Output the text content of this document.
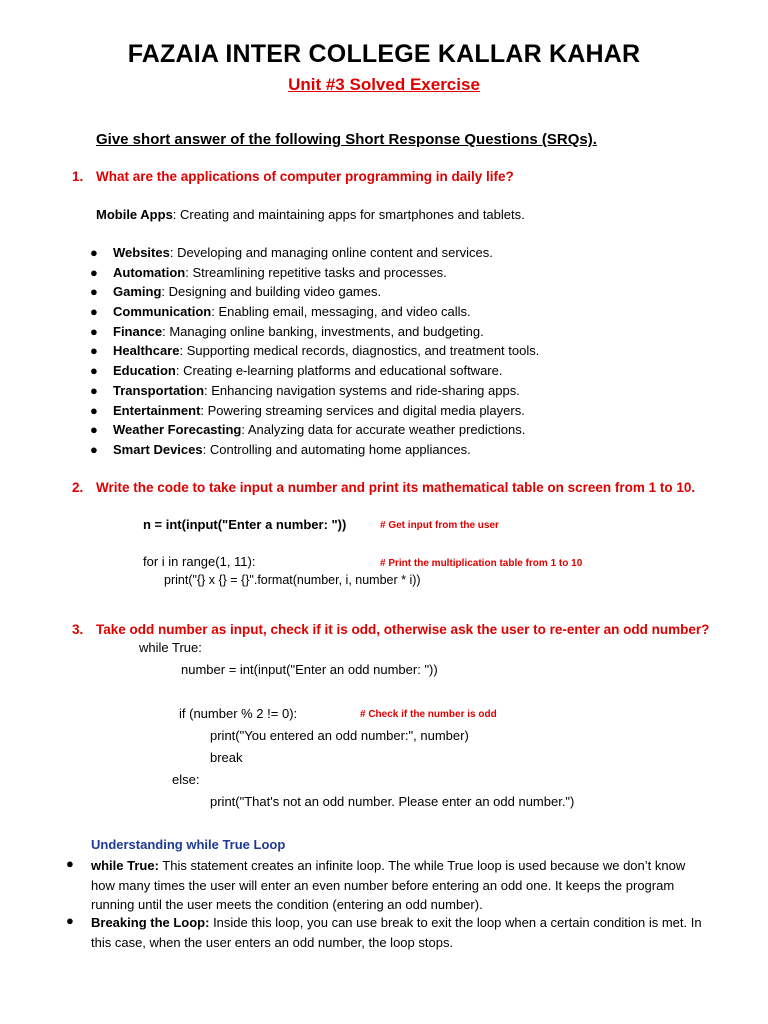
FAZAIA INTER COLLEGE KALLAR KAHAR
Unit #3 Solved Exercise
Give short answer of the following Short Response Questions (SRQs).
1. What are the applications of computer programming in daily life?
Mobile Apps: Creating and maintaining apps for smartphones and tablets.
● Websites: Developing and managing online content and services.
● Automation: Streamlining repetitive tasks and processes.
● Gaming: Designing and building video games.
● Communication: Enabling email, messaging, and video calls.
● Finance: Managing online banking, investments, and budgeting.
● Healthcare: Supporting medical records, diagnostics, and treatment tools.
● Education: Creating e-learning platforms and educational software.
● Transportation: Enhancing navigation systems and ride-sharing apps.
● Entertainment: Powering streaming services and digital media players.
● Weather Forecasting: Analyzing data for accurate weather predictions.
● Smart Devices: Controlling and automating home appliances.
2. Write the code to take input a number and print its mathematical table on screen from 1 to 10.
n = int(input("Enter a number: "))	# Get input from the user
for i in range(1, 11):	# Print the multiplication table from 1 to 10
print("{} x {} = {}".format(number, i, number * i))
3. Take odd number as input, check if it is odd, otherwise ask the user to re-enter an odd number?
while True:
number = int(input("Enter an odd number: "))
if (number % 2 != 0):	# Check if the number is odd
print("You entered an odd number:", number)
break
else:
print("That's not an odd number. Please enter an odd number.")
Understanding while True Loop
● while True: This statement creates an infinite loop. The while True loop is used because we don’t know how many times the user will enter an even number before entering an odd one. It keeps the program running until the user meets the condition (entering an odd number).
● Breaking the Loop: Inside this loop, you can use break to exit the loop when a certain condition is met. In this case, when the user enters an odd number, the loop stops.
